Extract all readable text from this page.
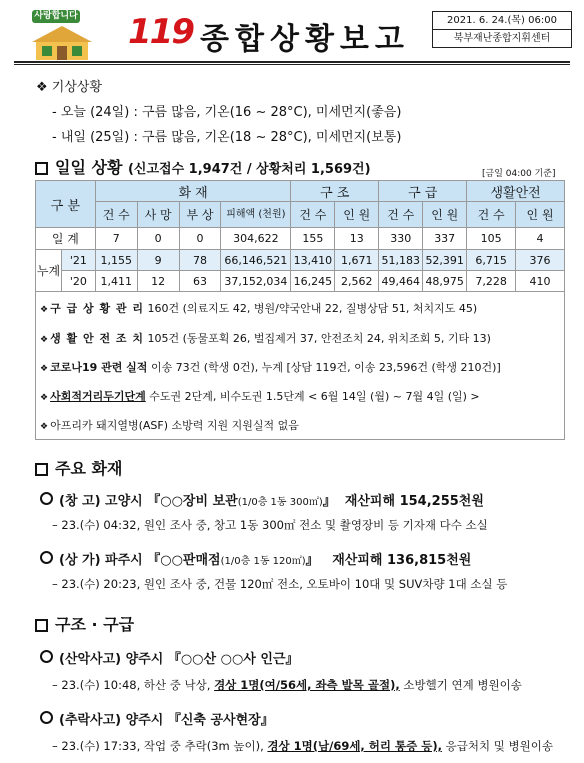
사랑합니다 119 종합상황보고
2021. 6. 24.(목) 06:00
북부재난종합지휘센터
❖ 기상상황
- 오늘 (24일) : 구름 많음, 기온(16 ~ 28°C), 미세먼지(좋음)
- 내일 (25일) : 구름 많음, 기온(18 ~ 28°C), 미세먼지(보통)
일일 상황 (신고접수 1,947건 / 상황처리 1,569건)	[금일 04:00 기준]
구 분		화 재				구 조		구 급		생활안전	
		건 수	사 망	부 상	피해액 (천원)	건 수	인 원	건 수	인 원	건 수	인 원
일 계		7	0	0	304,622	155	13	330	337	105	4
누계	'21	1,155	9	78	66,146,521	13,410	1,671	51,183	52,391	6,715	376
	'20	1,411	12	63	37,152,034	16,245	2,562	49,464	48,975	7,228	410
❖ 구 급 상 황 관 리 160건 (의료지도 42, 병원/약국안내 22, 질병상담 51, 처치지도 45)
❖ 생 활 안 전 조 치 105건 (동물포획 26, 벌집제거 37, 안전조치 24, 위치조회 5, 기타 13)
❖ 코로나19 관련 실적 이송 73건 (학생 0건), 누계 [상담 119건, 이송 23,596건 (학생 210건)]
❖ 사회적거리두기단계 수도권 2단계, 비수도권 1.5단계 < 6월 14일 (월) ~ 7월 4일 (일) >
❖ 아프리카 돼지열병(ASF) 소방력 지원 지원실적 없음
주요 화재
(창 고) 고양시 『○○장비 보관(1/0층 1동 300㎡)』 재산피해 154,255천원
– 23.(수) 04:32, 원인 조사 중, 창고 1동 300㎡ 전소 및 촬영장비 등 기자재 다수 소실
(상 가) 파주시 『○○판매점(1/0층 1동 120㎡)』 재산피해 136,815천원
– 23.(수) 20:23, 원인 조사 중, 건물 120㎡ 전소, 오토바이 10대 및 SUV차량 1대 소실 등
구조 · 구급
(산악사고) 양주시 『○○산 ○○사 인근』
– 23.(수) 10:48, 하산 중 낙상, 경상 1명(여/56세, 좌측 발목 골절), 소방헬기 연계 병원이송
(추락사고) 양주시 『신축 공사현장』
– 23.(수) 17:33, 작업 중 추락(3m 높이), 경상 1명(남/69세, 허리 통증 등), 응급처치 및 병원이송
